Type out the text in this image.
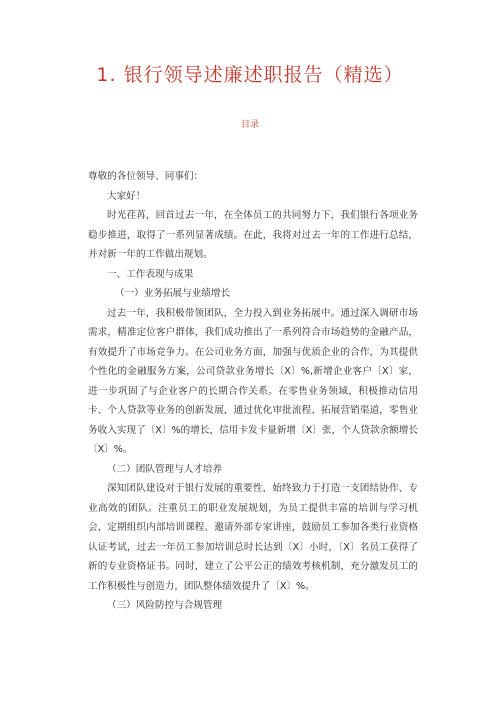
1. 银行领导述廉述职报告（精选）
目录

尊敬的各位领导、同事们：

大家好！

时光荏苒，回首过去一年，在全体员工的共同努力下，我们银行各项业务稳步推进，取得了一系列显著成绩。在此，我将对过去一年的工作进行总结，并对新一年的工作做出规划。

一、工作表现与成果

（一）业务拓展与业绩增长

过去一年，我积极带领团队，全力投入到业务拓展中。通过深入调研市场需求，精准定位客户群体，我们成功推出了一系列符合市场趋势的金融产品，有效提升了市场竞争力。在公司业务方面，加强与优质企业的合作，为其提供个性化的金融服务方案，公司贷款业务增长〔X〕%,新增企业客户〔X〕家，进一步巩固了与企业客户的长期合作关系。在零售业务领域，积极推动信用卡、个人贷款等业务的创新发展，通过优化审批流程、拓展营销渠道，零售业务收入实现了〔X〕%的增长，信用卡发卡量新增〔X〕张，个人贷款余额增长〔X〕%。

（二）团队管理与人才培养

深知团队建设对于银行发展的重要性，始终致力于打造一支团结协作、专业高效的团队。注重员工的职业发展规划，为员工提供丰富的培训与学习机会，定期组织内部培训课程、邀请外部专家讲座，鼓励员工参加各类行业资格认证考试，过去一年员工参加培训总时长达到〔X〕小时，〔X〕名员工获得了新的专业资格证书。同时，建立了公平公正的绩效考核机制，充分激发员工的工作积极性与创造力，团队整体绩效提升了〔X〕%。

（三）风险防控与合规管理
